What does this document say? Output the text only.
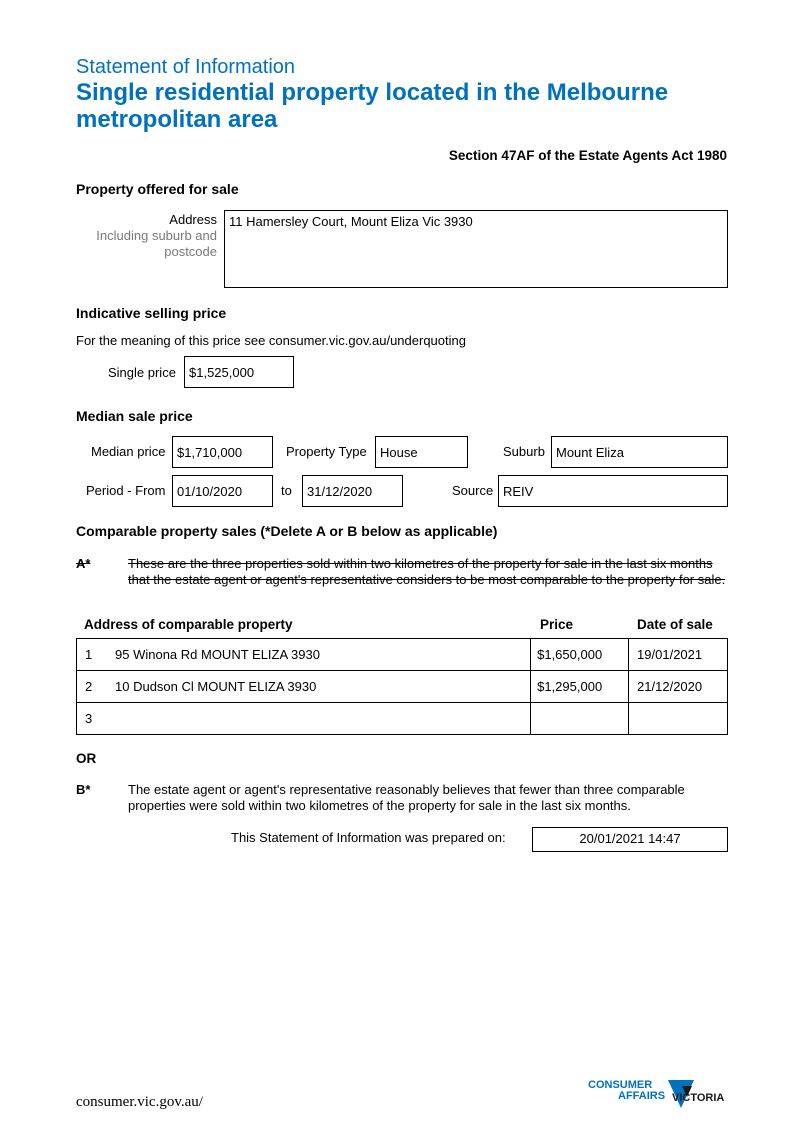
Statement of Information
Single residential property located in the Melbourne metropolitan area
Section 47AF of the Estate Agents Act 1980
Property offered for sale
Address
Including suburb and postcode
11 Hamersley Court, Mount Eliza Vic 3930
Indicative selling price
For the meaning of this price see consumer.vic.gov.au/underquoting
Single price	$1,525,000
Median sale price
Median price $1,710,000	Property Type	House	Suburb Mount Eliza
Period - From 01/10/2020	to	31/12/2020	Source REIV
Comparable property sales (*Delete A or B below as applicable)
A*	These are the three properties sold within two kilometres of the property for sale in the last six months that the estate agent or agent's representative considers to be most comparable to the property for sale.
Address of comparable property	Price	Date of sale
1 95 Winona Rd MOUNT ELIZA 3930	$1,650,000	19/01/2021
2 10 Dudson Cl MOUNT ELIZA 3930	$1,295,000	21/12/2020
3		
OR
B*	The estate agent or agent's representative reasonably believes that fewer than three comparable properties were sold within two kilometres of the property for sale in the last six months.
This Statement of Information was prepared on:	20/01/2021 14:47
consumer.vic.gov.au/
CONSUMER
AFFAIRS VICTORIA
